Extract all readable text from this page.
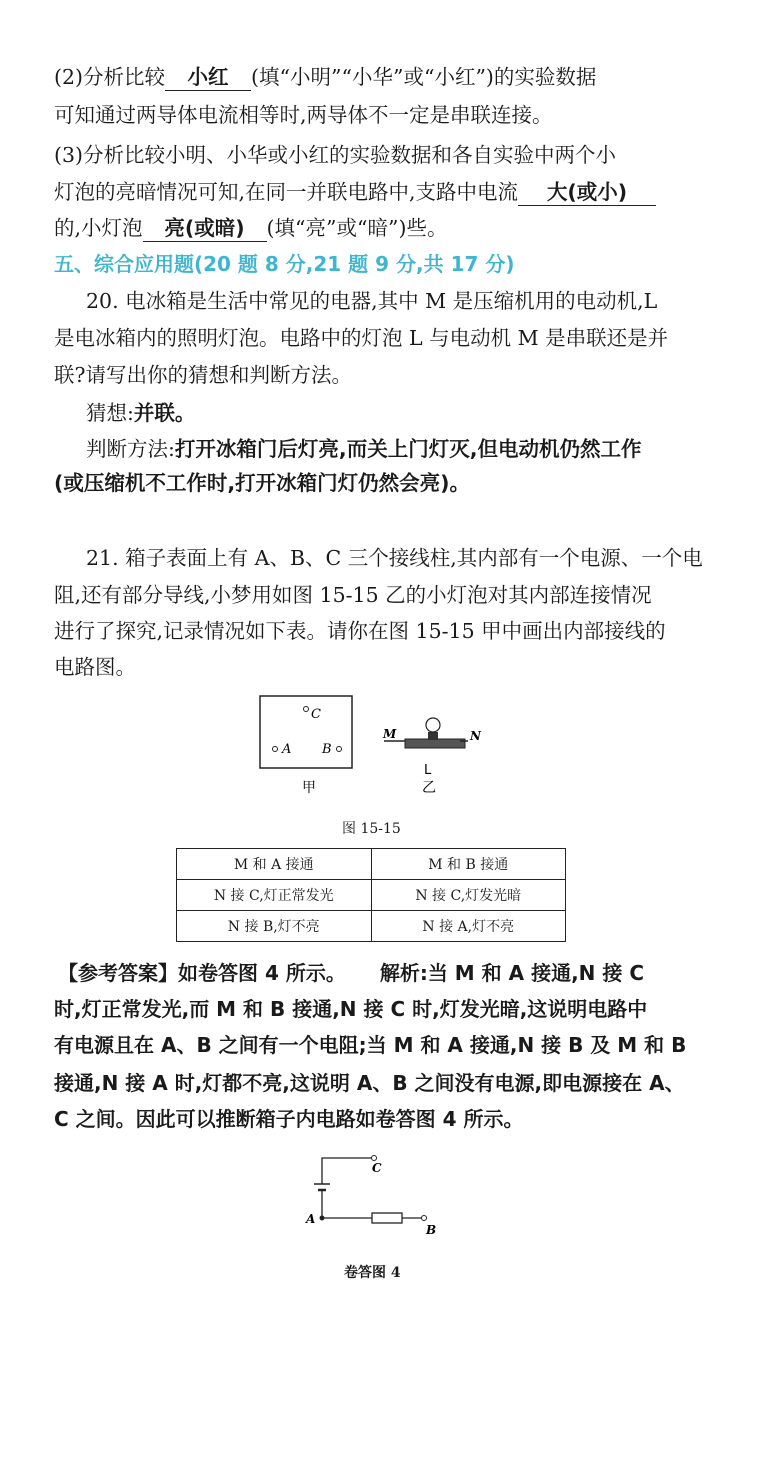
(2)分析比较 小红 (填“小明”“小华”或“小红”)的实验数据
可知通过两导体电流相等时,两导体不一定是串联连接。
(3)分析比较小明、小华或小红的实验数据和各自实验中两个小
灯泡的亮暗情况可知,在同一并联电路中,支路中电流 大(或小)
的,小灯泡 亮(或暗) (填“亮”或“暗”)些。
五、综合应用题(20 题 8 分,21 题 9 分,共 17 分)
20. 电冰箱是生活中常见的电器,其中 M 是压缩机用的电动机,L
是电冰箱内的照明灯泡。电路中的灯泡 L 与电动机 M 是串联还是并
联?请写出你的猜想和判断方法。
猜想:并联。
判断方法:打开冰箱门后灯亮,而关上门灯灭,但电动机仍然工作
(或压缩机不工作时,打开冰箱门灯仍然会亮)。
21. 箱子表面上有 A、B、C 三个接线柱,其内部有一个电源、一个电
阻,还有部分导线,小梦用如图 15-15 乙的小灯泡对其内部连接情况
进行了探究,记录情况如下表。请你在图 15-15 甲中画出内部接线的
电路图。
C
A B
甲
M	N
L
乙
图 15-15
M 和 A 接通	M 和 B 接通
N 接 C,灯正常发光	N 接 C,灯发光暗
N 接 B,灯不亮	N 接 A,灯不亮
【参考答案】如卷答图 4 所示。 解析:当 M 和 A 接通,N 接 C
时,灯正常发光,而 M 和 B 接通,N 接 C 时,灯发光暗,这说明电路中
有电源且在 A、B 之间有一个电阻;当 M 和 A 接通,N 接 B 及 M 和 B
接通,N 接 A 时,灯都不亮,这说明 A、B 之间没有电源,即电源接在 A、
C 之间。因此可以推断箱子内电路如卷答图 4 所示。
C
A
B
卷答图 4
